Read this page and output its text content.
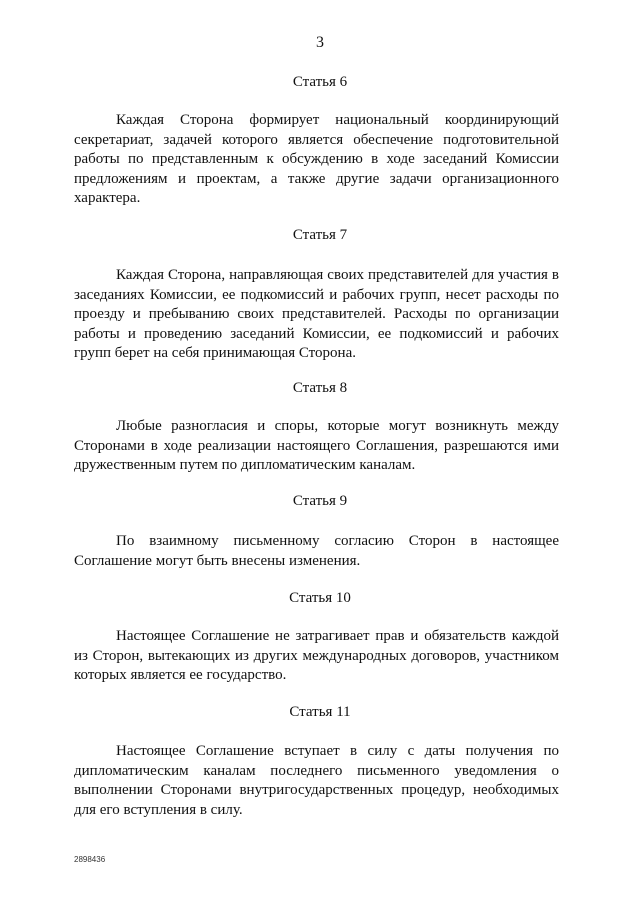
3
Статья 6
Каждая Сторона формирует национальный координирующий
секретариат, задачей которого является обеспечение подготовительной
работы по представленным к обсуждению в ходе заседаний Комиссии
предложениям и проектам, а также другие задачи организационного
характера.
Статья 7
Каждая Сторона, направляющая своих представителей для участия в
заседаниях Комиссии, ее подкомиссий и рабочих групп, несет расходы по
проезду и пребыванию своих представителей. Расходы по организации
работы и проведению заседаний Комиссии, ее подкомиссий и рабочих
групп берет на себя принимающая Сторона.
Статья 8
Любые разногласия и споры, которые могут возникнуть между
Сторонами в ходе реализации настоящего Соглашения, разрешаются ими
дружественным путем по дипломатическим каналам.
Статья 9
По взаимному письменному согласию Сторон в настоящее
Соглашение могут быть внесены изменения.
Статья 10
Настоящее Соглашение не затрагивает прав и обязательств каждой
из Сторон, вытекающих из других международных договоров, участником
которых является ее государство.
Статья 11
Настоящее Соглашение вступает в силу с даты получения по
дипломатическим каналам последнего письменного уведомления о
выполнении Сторонами внутригосударственных процедур, необходимых
для его вступления в силу.
2898436
